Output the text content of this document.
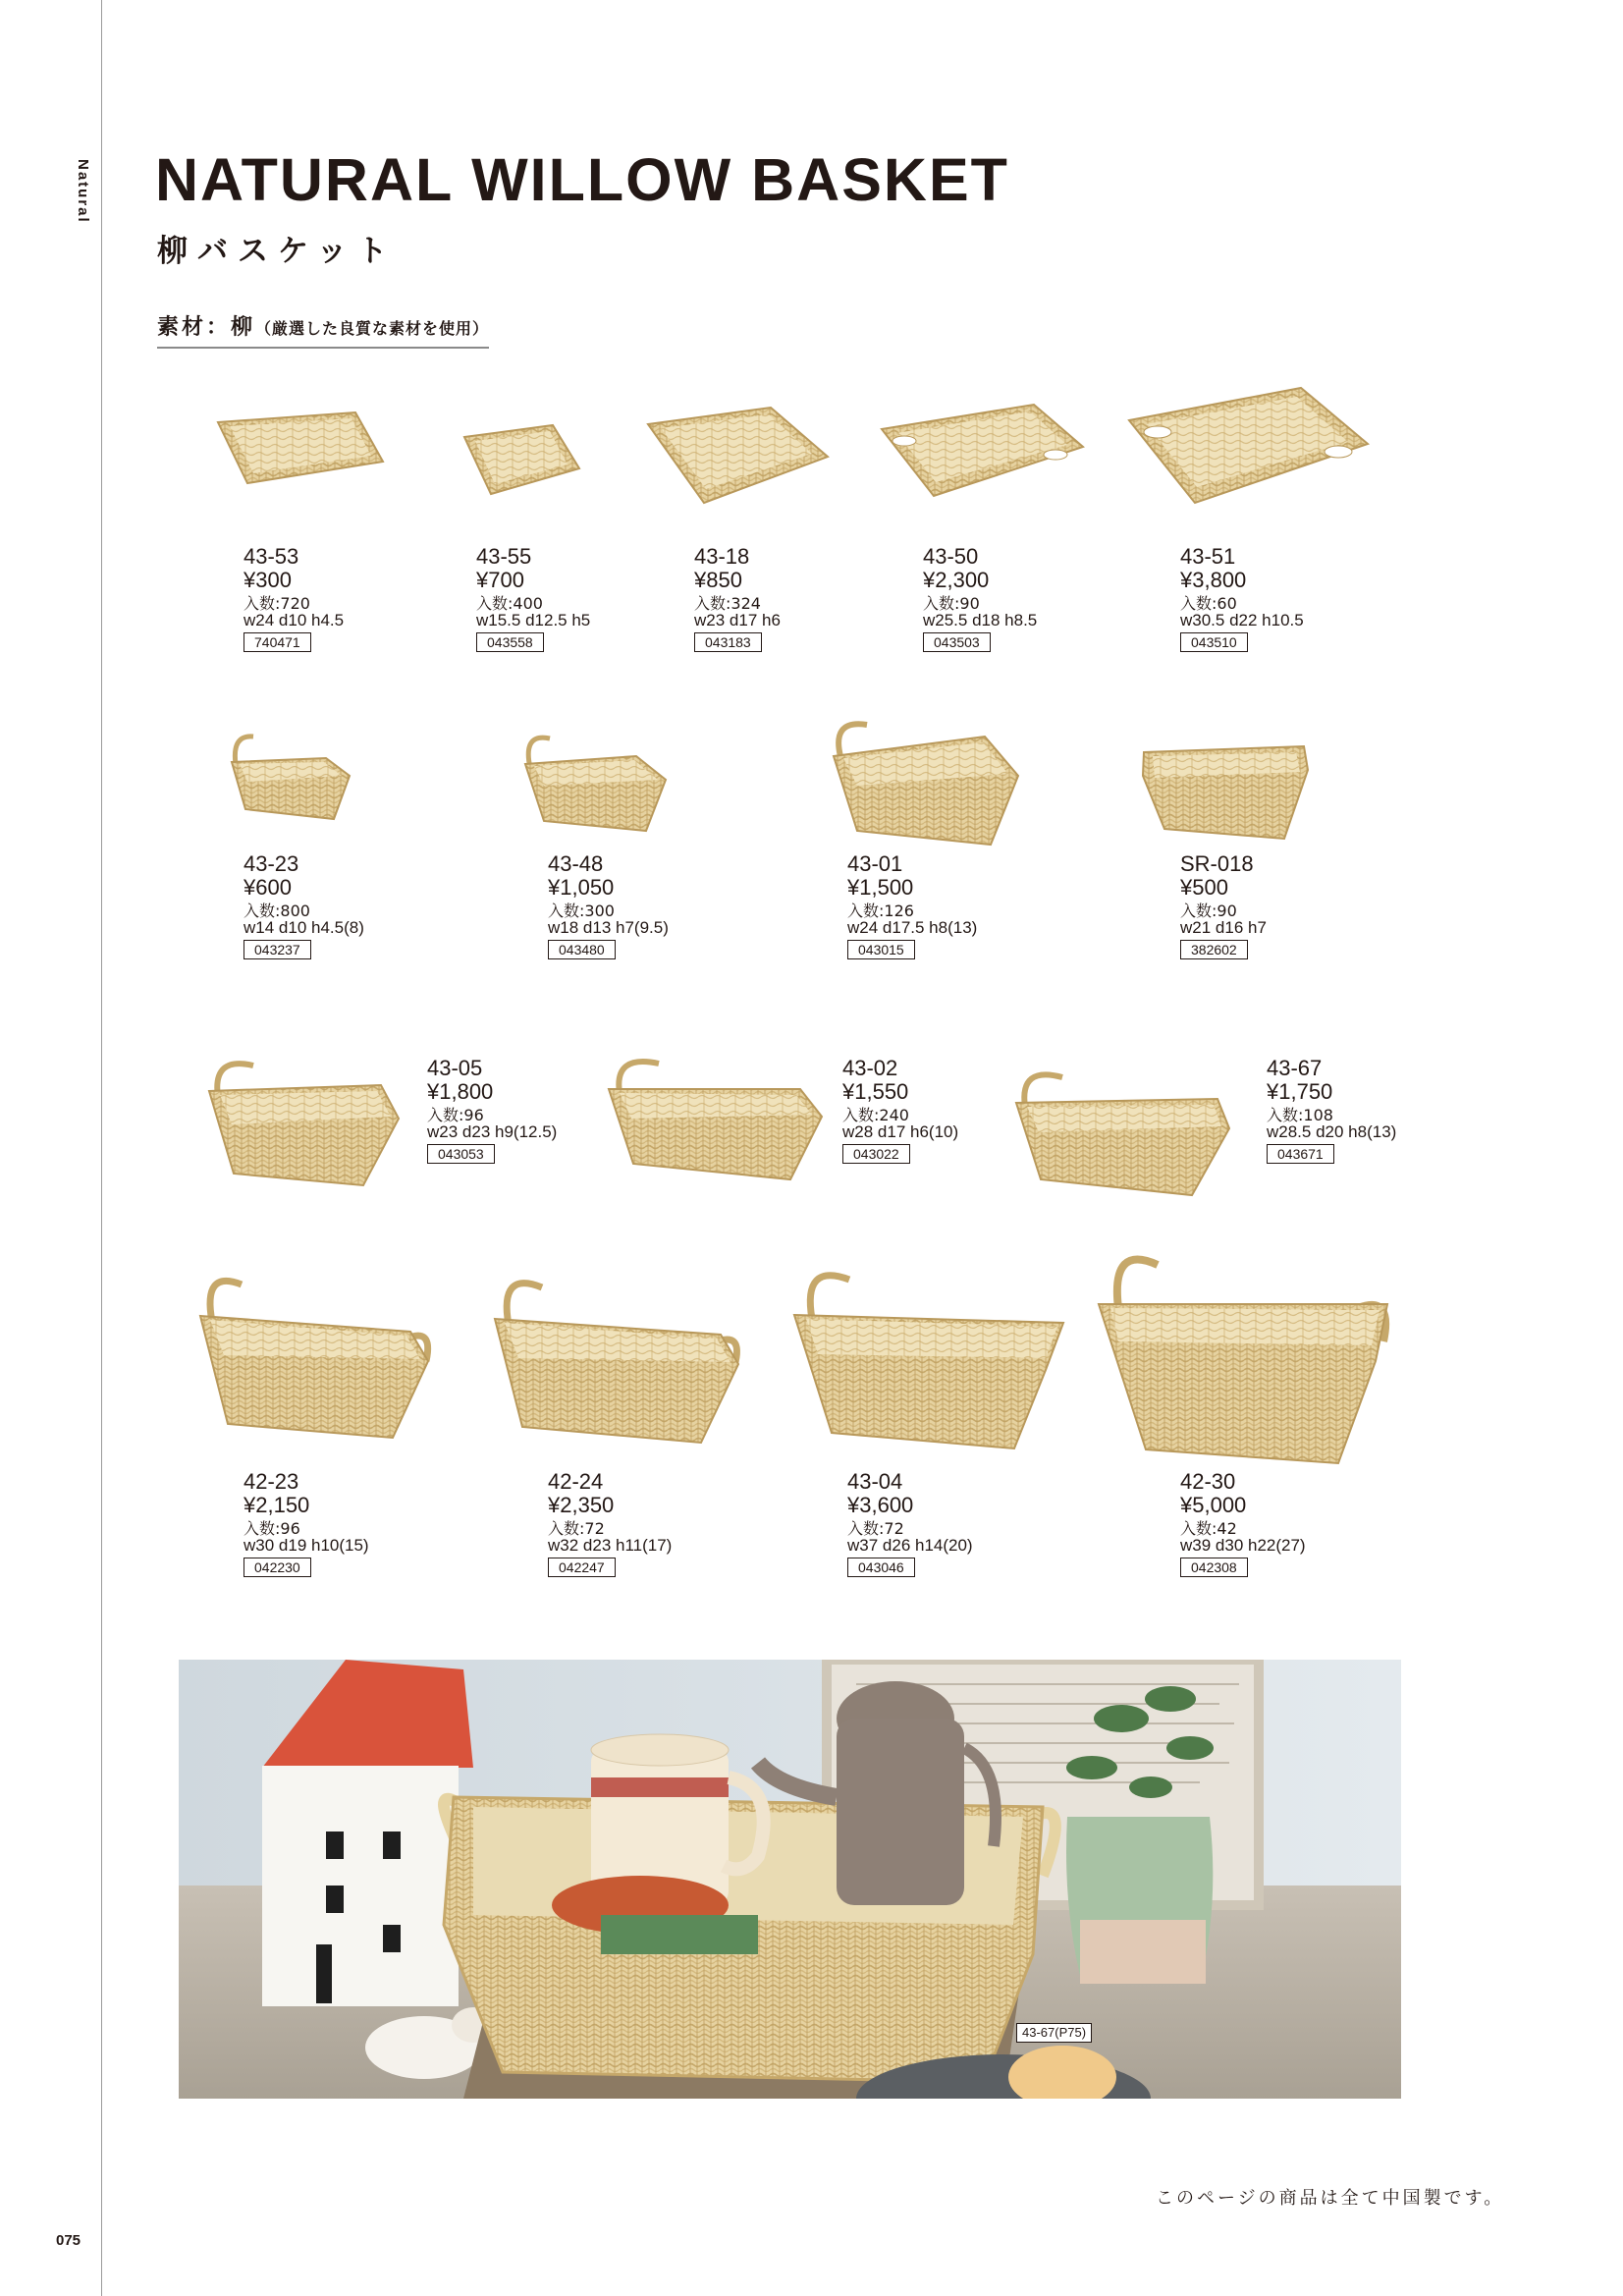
Natural
075
NATURAL WILLOW BASKET
柳バスケット
素材：柳（厳選した良質な素材を使用）
43-53
¥300
入数:720
w24 d10 h4.5
740471
43-55
¥700
入数:400
w15.5 d12.5 h5
043558
43-18
¥850
入数:324
w23 d17 h6
043183
43-50
¥2,300
入数:90
w25.5 d18 h8.5
043503
43-51
¥3,800
入数:60
w30.5 d22 h10.5
043510
43-23
¥600
入数:800
w14 d10 h4.5(8)
043237
43-48
¥1,050
入数:300
w18 d13 h7(9.5)
043480
43-01
¥1,500
入数:126
w24 d17.5 h8(13)
043015
SR-018
¥500
入数:90
w21 d16 h7
382602
43-05
¥1,800
入数:96
w23 d23 h9(12.5)
043053
43-02
¥1,550
入数:240
w28 d17 h6(10)
043022
43-67
¥1,750
入数:108
w28.5 d20 h8(13)
043671
42-23
¥2,150
入数:96
w30 d19 h10(15)
042230
42-24
¥2,350
入数:72
w32 d23 h11(17)
042247
43-04
¥3,600
入数:72
w37 d26 h14(20)
043046
42-30
¥5,000
入数:42
w39 d30 h22(27)
042308
43-67(P75)
このページの商品は全て中国製です。
